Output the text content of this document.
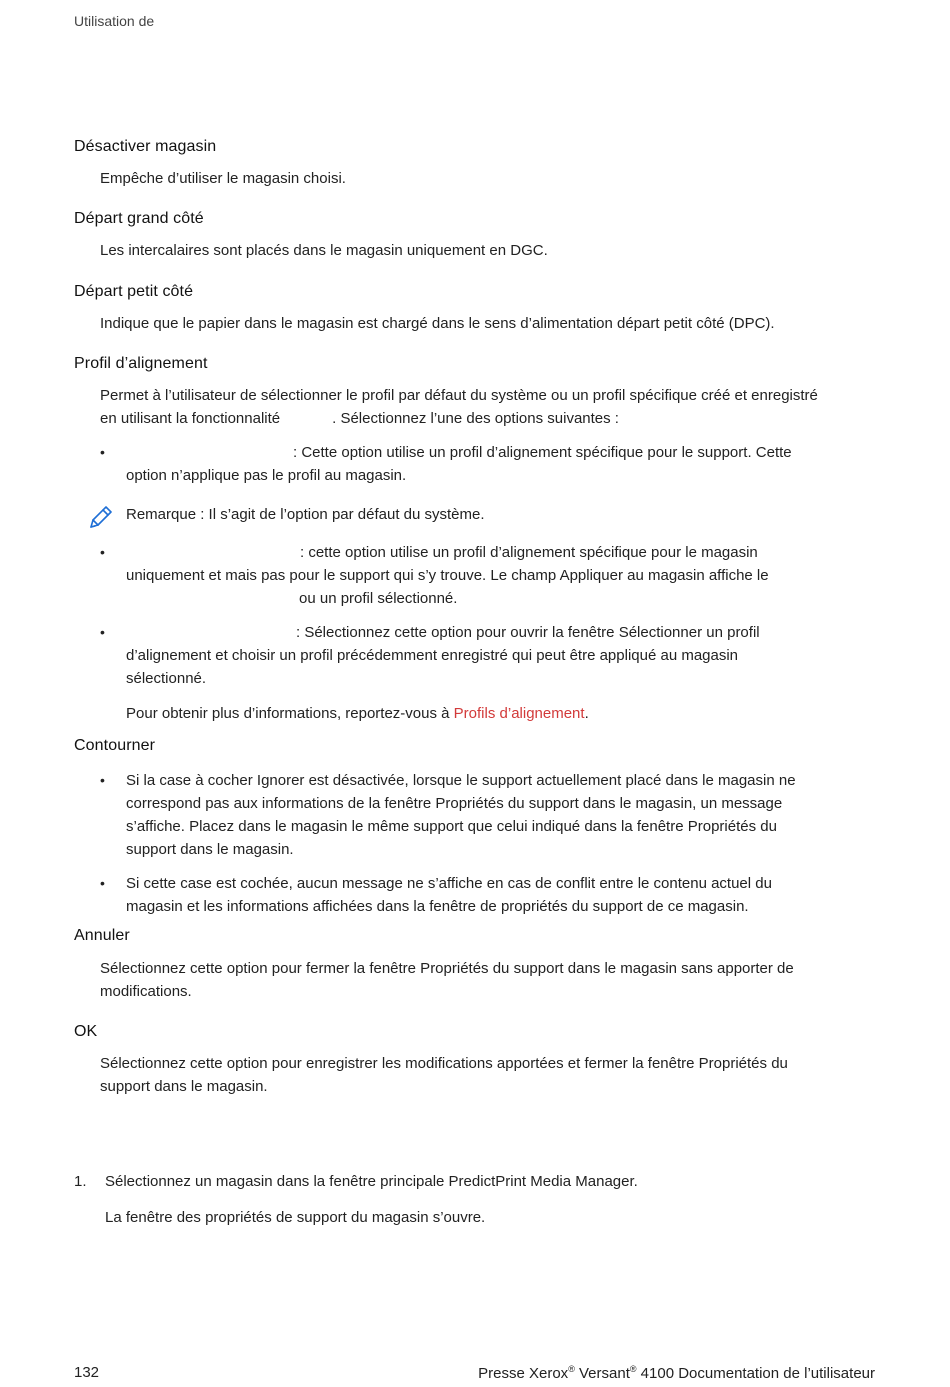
Utilisation de
Désactiver magasin

Empêche d’utiliser le magasin choisi.

Départ grand côté

Les intercalaires sont placés dans le magasin uniquement en DGC.

Départ petit côté

Indique que le papier dans le magasin est chargé dans le sens d’alimentation départ petit côté (DPC).

Profil d’alignement

Permet à l’utilisateur de sélectionner le profil par défaut du système ou un profil spécifique créé et enregistré
en utilisant la fonctionnalité	. Sélectionnez l’une des options suivantes :

•	: Cette option utilise un profil d’alignement spécifique pour le support. Cette
option n’applique pas le profil au magasin.

Remarque : Il s’agit de l’option par défaut du système.

•	: cette option utilise un profil d’alignement spécifique pour le magasin
uniquement et mais pas pour le support qui s’y trouve. Le champ Appliquer au magasin affiche le
ou un profil sélectionné.

•	: Sélectionnez cette option pour ouvrir la fenêtre Sélectionner un profil
d’alignement et choisir un profil précédemment enregistré qui peut être appliqué au magasin
sélectionné.

Pour obtenir plus d’informations, reportez-vous à Profils d’alignement.

Contourner
• Si la case à cocher Ignorer est désactivée, lorsque le support actuellement placé dans le magasin ne
correspond pas aux informations de la fenêtre Propriétés du support dans le magasin, un message
s’affiche. Placez dans le magasin le même support que celui indiqué dans la fenêtre Propriétés du
support dans le magasin.

• Si cette case est cochée, aucun message ne s’affiche en cas de conflit entre le contenu actuel du
magasin et les informations affichées dans la fenêtre de propriétés du support de ce magasin.

Annuler

Sélectionnez cette option pour fermer la fenêtre Propriétés du support dans le magasin sans apporter de
modifications.

OK

Sélectionnez cette option pour enregistrer les modifications apportées et fermer la fenêtre Propriétés du
support dans le magasin.

1. Sélectionnez un magasin dans la fenêtre principale PredictPrint Media Manager.

La fenêtre des propriétés de support du magasin s’ouvre.

132	Presse Xerox® Versant® 4100 Documentation de l’utilisateur
